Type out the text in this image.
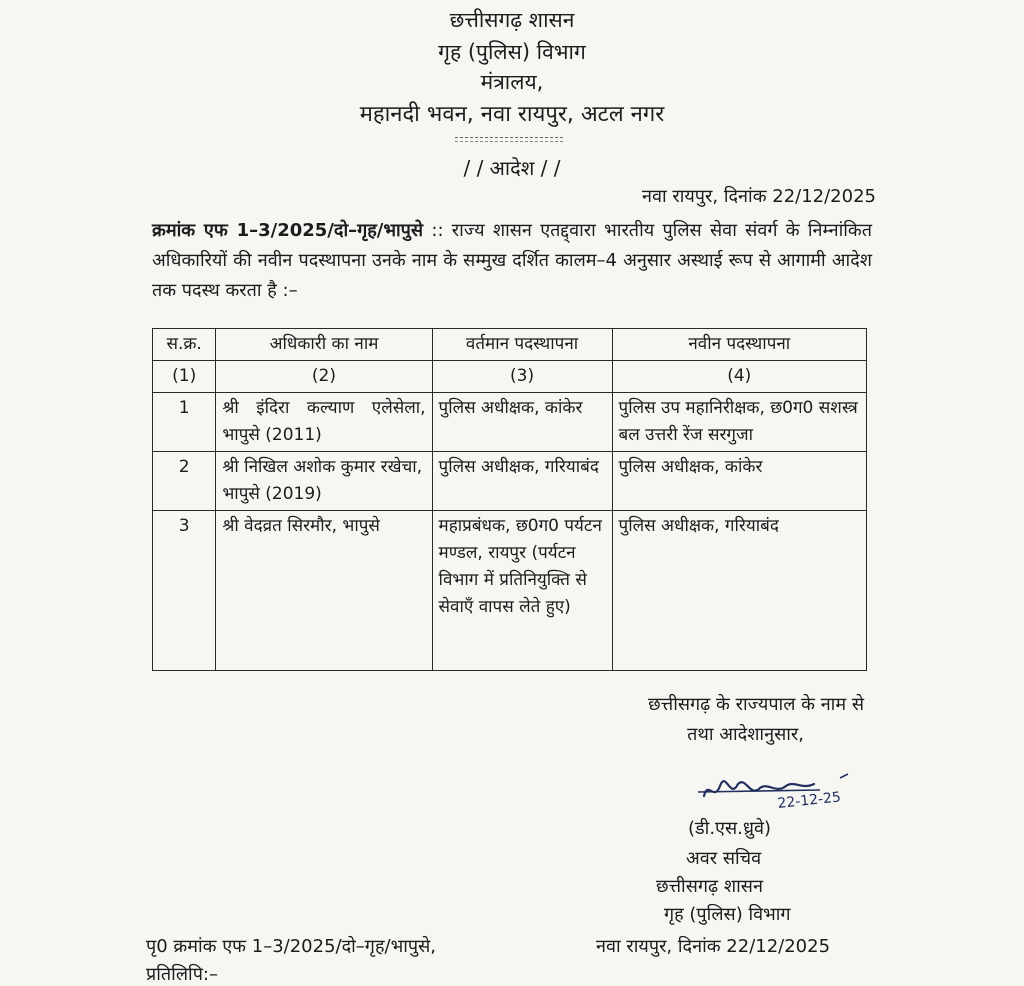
छत्तीसगढ़ शासन
गृह (पुलिस) विभाग
मंत्रालय,
महानदी भवन, नवा रायपुर, अटल नगर
/ / आदेश / /
नवा रायपुर, दिनांक 22/12/2025
क्रमांक एफ 1–3/2025/दो–गृह/भापुसे :: राज्य शासन एतद्द्वारा भारतीय पुलिस सेवा संवर्ग के निम्नांकित अधिकारियों की नवीन पदस्थापना उनके नाम के सम्मुख दर्शित कालम–4 अनुसार अस्थाई रूप से आगामी आदेश तक पदस्थ करता है :–
स.क्र.	अधिकारी का नाम	वर्तमान पदस्थापना	नवीन पदस्थापना
(1)	(2)	(3)	(4)
1	श्री इंदिरा कल्याण एलेसेला, भापुसे (2011)	पुलिस अधीक्षक, कांकेर	पुलिस उप महानिरीक्षक, छ0ग0 सशस्त्र बल उत्तरी रेंज सरगुजा
2	श्री निखिल अशोक कुमार रखेचा, भापुसे (2019)	पुलिस अधीक्षक, गरियाबंद	पुलिस अधीक्षक, कांकेर
3	श्री वेदव्रत सिरमौर, भापुसे	महाप्रबंधक, छ0ग0 पर्यटन मण्डल, रायपुर (पर्यटन विभाग में प्रतिनियुक्ति से सेवाएँ वापस लेते हुए)	पुलिस अधीक्षक, गरियाबंद
छत्तीसगढ़ के राज्यपाल के नाम से
तथा आदेशानुसार,
22-12-25
(डी.एस.ध्रुवे)
अवर सचिव
छत्तीसगढ़ शासन
गृह (पुलिस) विभाग
पृ0 क्रमांक एफ 1–3/2025/दो–गृह/भापुसे,	नवा रायपुर, दिनांक 22/12/2025
प्रतिलिपि:–
